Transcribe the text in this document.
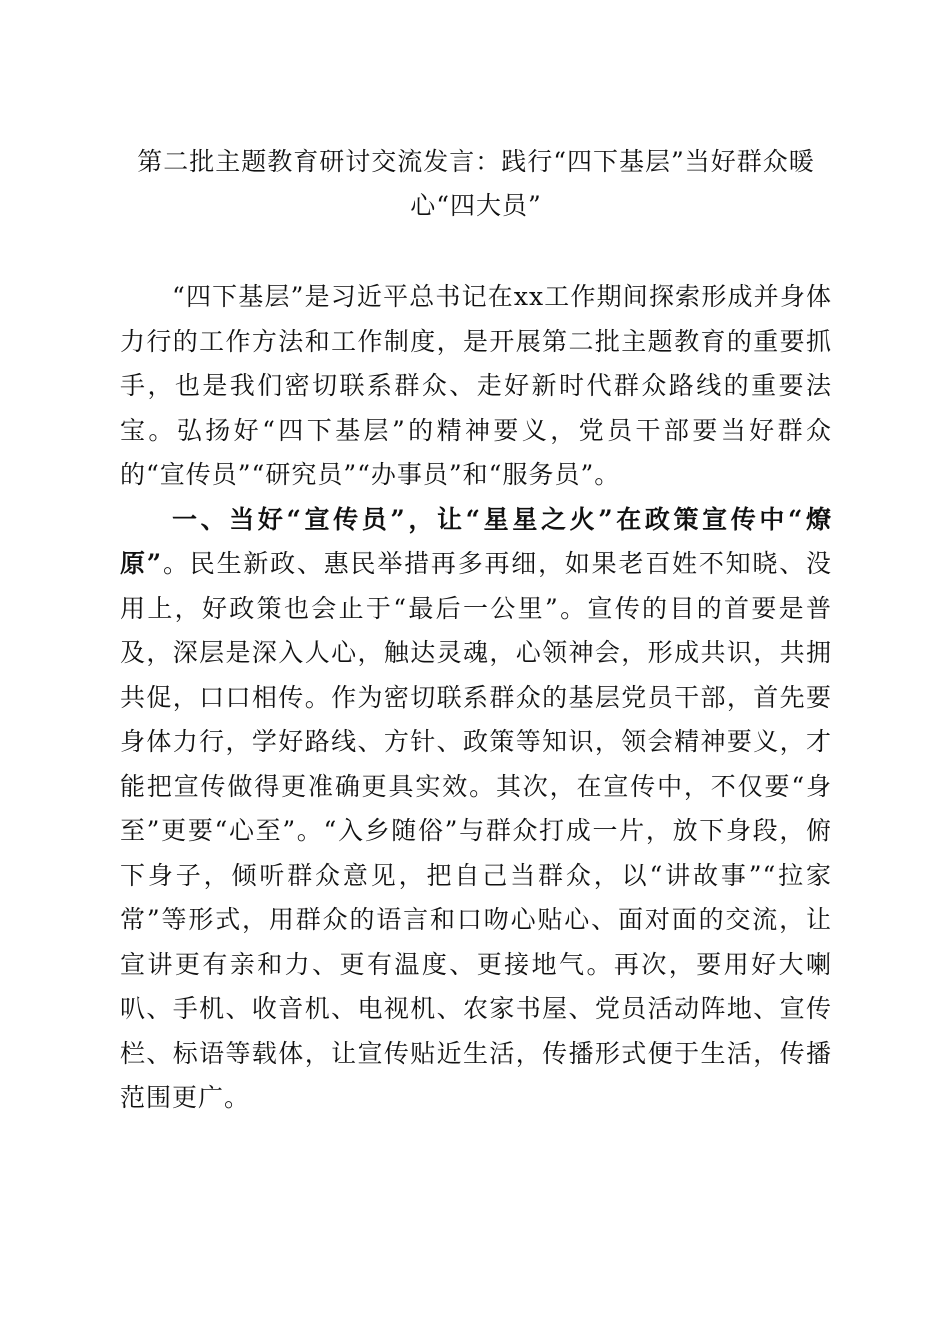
第二批主题教育研讨交流发言：践行“四下基层”当好群众暖心“四大员”

“四下基层”是习近平总书记在xx工作期间探索形成并身体力行的工作方法和工作制度，是开展第二批主题教育的重要抓手，也是我们密切联系群众、走好新时代群众路线的重要法宝。弘扬好“四下基层”的精神要义，党员干部要当好群众的“宣传员”“研究员”“办事员”和“服务员”。

一、当好“宣传员”，让“星星之火”在政策宣传中“燎原”。民生新政、惠民举措再多再细，如果老百姓不知晓、没用上，好政策也会止于“最后一公里”。宣传的目的首要是普及，深层是深入人心，触达灵魂，心领神会，形成共识，共拥共促，口口相传。作为密切联系群众的基层党员干部，首先要身体力行，学好路线、方针、政策等知识，领会精神要义，才能把宣传做得更准确更具实效。其次，在宣传中，不仅要“身至”更要“心至”。“入乡随俗”与群众打成一片，放下身段，俯下身子，倾听群众意见，把自己当群众，以“讲故事”“拉家常”等形式，用群众的语言和口吻心贴心、面对面的交流，让宣讲更有亲和力、更有温度、更接地气。再次，要用好大喇叭、手机、收音机、电视机、农家书屋、党员活动阵地、宣传栏、标语等载体，让宣传贴近生活，传播形式便于生活，传播范围更广。
